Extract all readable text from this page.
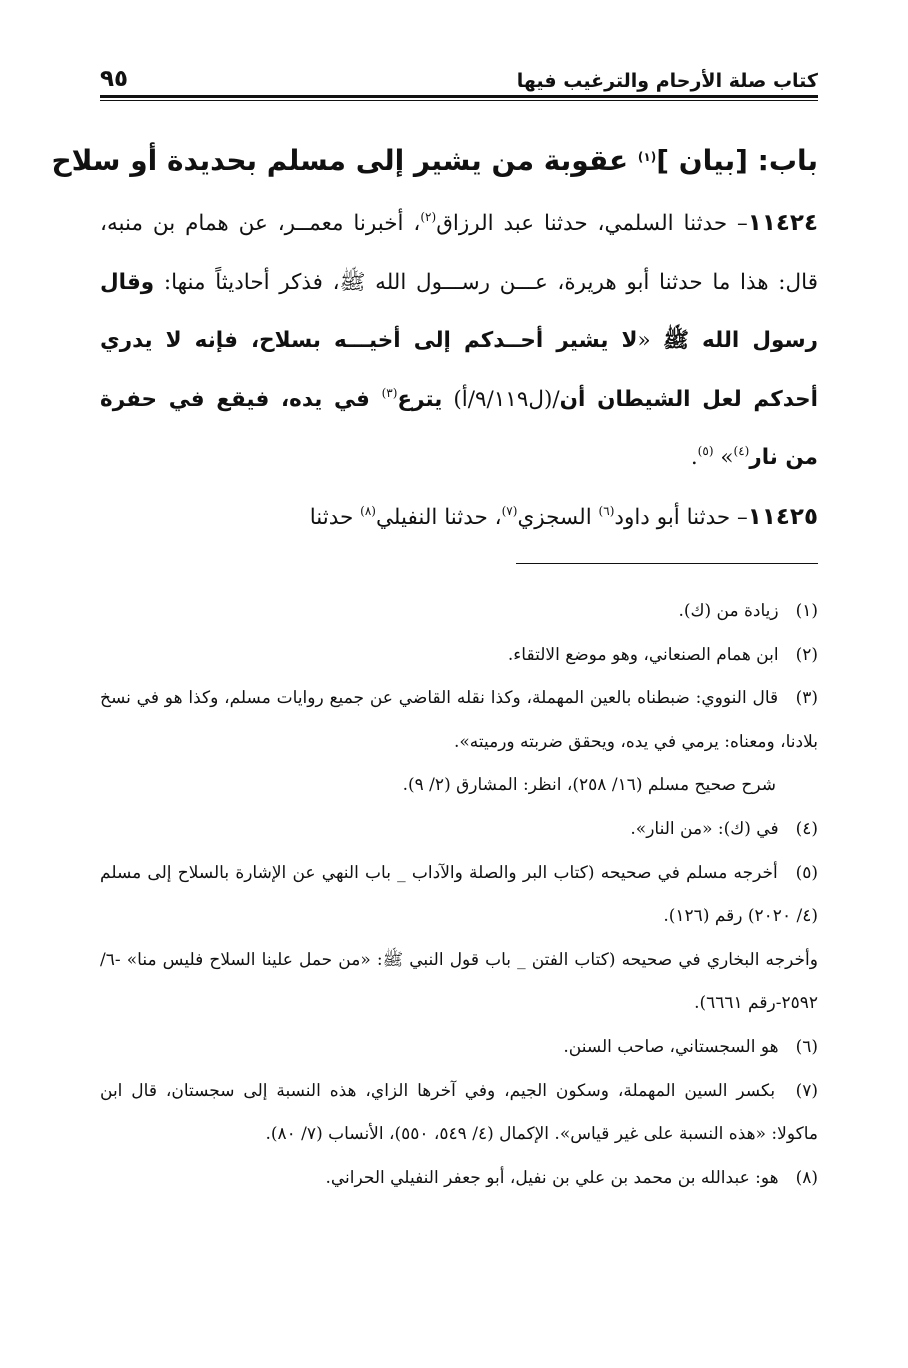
كتاب صلة الأرحام والترغيب فيها
٩٥
باب: [بيان ]$^{(١)}$ عقوبة من يشير إلى مسلم بحديدة أو سلاح

١١٤٢٤– حدثنا السلمي، حدثنا عبد الرزاق$^{(٢)}$، أخبرنا معمــر، عن همام بن منبه، قال: هذا ما حدثنا أبو هريرة، عـــن رســـول الله ﷺ، فذكر أحاديثاً منها: وقال رسول الله ﷺ «لا يشير أحــدكم إلى أخيـــه بسلاح، فإنه لا يدري أحدكم لعل الشيطان أن/(ل٩/١١٩/أ) يترع$^{(٣)}$ في يده، فيقع في حفرة من نار$^{(٤)}$» $^{(٥)}$.

١١٤٢٥– حدثنا أبو داود$^{(٦)}$ السجزي$^{(٧)}$، حدثنا النفيلي$^{(٨)}$ حدثنا

(١) زيادة من (ك).

(٢) ابن همام الصنعاني، وهو موضع الالتقاء.

(٣) قال النووي: ضبطناه بالعين المهملة، وكذا نقله القاضي عن جميع روايات مسلم، وكذا هو في نسخ بلادنا، ومعناه: يرمي في يده، ويحقق ضربته ورميته».

شرح صحيح مسلم (١٦/ ٢٥٨)، انظر: المشارق (٢/ ٩).

(٤) في (ك): «من النار».

(٥) أخرجه مسلم في صحيحه (كتاب البر والصلة والآداب _ باب النهي عن الإشارة بالسلاح إلى مسلم (٤/ ٢٠٢٠) رقم (١٢٦).

وأخرجه البخاري في صحيحه (كتاب الفتن _ باب قول النبي ﷺ: «من حمل علينا السلاح فليس منا» -٦/ ٢٥٩٢-رقم ٦٦٦١).

(٦) هو السجستاني، صاحب السنن.

(٧) بكسر السين المهملة، وسكون الجيم، وفي آخرها الزاي، هذه النسبة إلى سجستان، قال ابن ماكولا: «هذه النسبة على غير قياس». الإكمال (٤/ ٥٤٩، ٥٥٠)، الأنساب (٧/ ٨٠).

(٨) هو: عبدالله بن محمد بن علي بن نفيل، أبو جعفر النفيلي الحراني.
